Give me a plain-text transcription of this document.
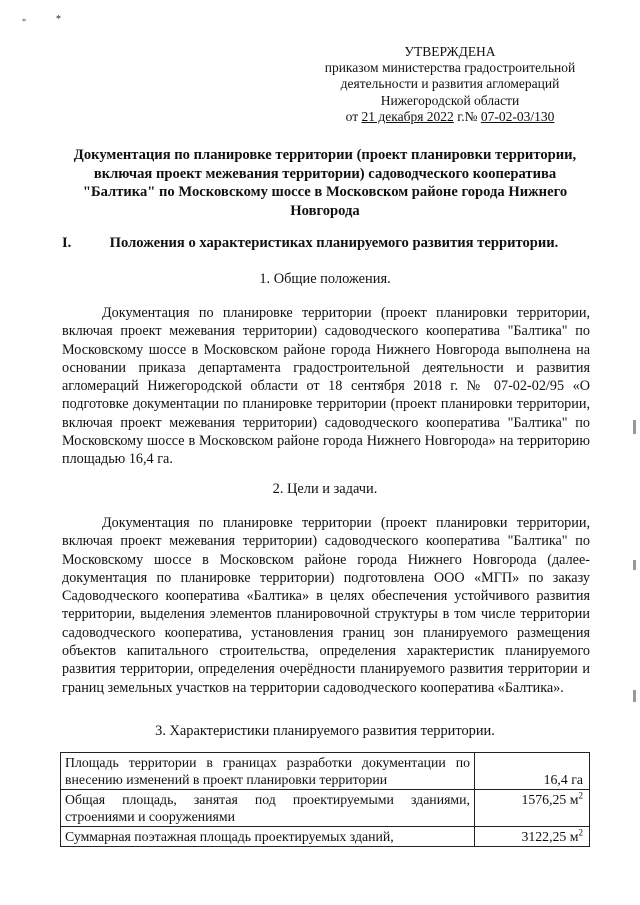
"	*
УТВЕРЖДЕНА
приказом министерства градостроительной
деятельности и развития агломераций
Нижегородской области
от 21 декабря 2022 г.№ 07-02-03/130
Документация по планировке территории (проект планировки территории, включая проект межевания территории) садоводческого кооператива "Балтика" по Московскому шоссе в Московском районе города Нижнего Новгорода
I.	Положения о характеристиках планируемого развития территории.
1. Общие положения.

Документация по планировке территории (проект планировки территории, включая проект межевания территории) садоводческого кооператива "Балтика" по Московскому шоссе в Московском районе города Нижнего Новгорода выполнена на основании приказа департамента градостроительной деятельности и развития агломераций Нижегородской области от 18 сентября 2018 г. № 07-02-02/95 «О подготовке документации по планировке территории (проект планировки территории, включая проект межевания территории) садоводческого кооператива "Балтика" по Московскому шоссе в Московском районе города Нижнего Новгорода» на территорию площадью 16,4 га.

2. Цели и задачи.

Документация по планировке территории (проект планировки территории, включая проект межевания территории) садоводческого кооператива "Балтика" по Московскому шоссе в Московском районе города Нижнего Новгорода (далее-документация по планировке территории) подготовлена ООО «МГП» по заказу Садоводческого кооператива «Балтика» в целях обеспечения устойчивого развития территории, выделения элементов планировочной структуры в том числе территории садоводческого кооператива, установления границ зон планируемого размещения объектов капитального строительства, определения характеристик планируемого развития территории, определения очерёдности планируемого развития территории и границ земельных участков на территории садоводческого кооператива «Балтика».

3. Характеристики планируемого развития территории.
Площадь территории в границах разработки документации по внесению изменений в проект планировки территории	16,4 га
Общая площадь, занятая под проектируемыми зданиями, строениями и сооружениями	1576,25 $м^2$
Суммарная поэтажная площадь проектируемых зданий,	3122,25 $м^2$
